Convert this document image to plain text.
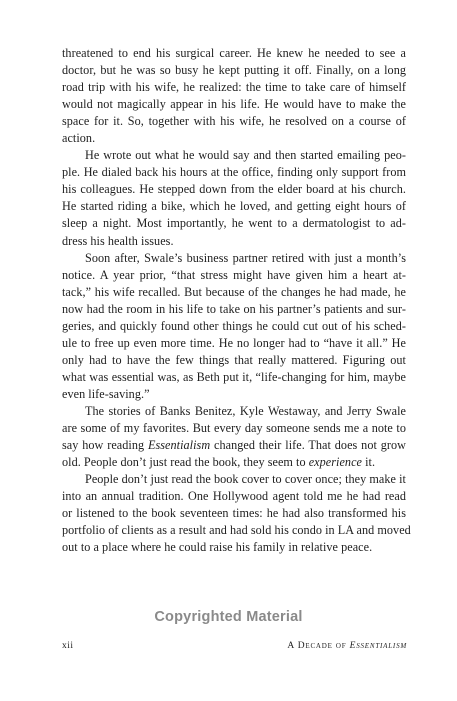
threatened to end his surgical career. He knew he needed to see a
doctor, but he was so busy he kept putting it off. Finally, on a long
road trip with his wife, he realized: the time to take care of himself
would not magically appear in his life. He would have to make the
space for it. So, together with his wife, he resolved on a course of
action.
He wrote out what he would say and then started emailing peo-
ple. He dialed back his hours at the office, finding only support from
his colleagues. He stepped down from the elder board at his church.
He started riding a bike, which he loved, and getting eight hours of
sleep a night. Most importantly, he went to a dermatologist to ad-
dress his health issues.
Soon after, Swale’s business partner retired with just a month’s
notice. A year prior, “that stress might have given him a heart at-
tack,” his wife recalled. But because of the changes he had made, he
now had the room in his life to take on his partner’s patients and sur-
geries, and quickly found other things he could cut out of his sched-
ule to free up even more time. He no longer had to “have it all.” He
only had to have the few things that really mattered. Figuring out
what was essential was, as Beth put it, “life-changing for him, maybe
even life-saving.”
The stories of Banks Benitez, Kyle Westaway, and Jerry Swale
are some of my favorites. But every day someone sends me a note to
say how reading Essentialism changed their life. That does not grow
old. People don’t just read the book, they seem to experience it.
People don’t just read the book cover to cover once; they make it
into an annual tradition. One Hollywood agent told me he had read
or listened to the book seventeen times: he had also transformed his
portfolio of clients as a result and had sold his condo in LA and moved
out to a place where he could raise his family in relative peace.
Copyrighted Material
xii	A Decade of Essentialism
